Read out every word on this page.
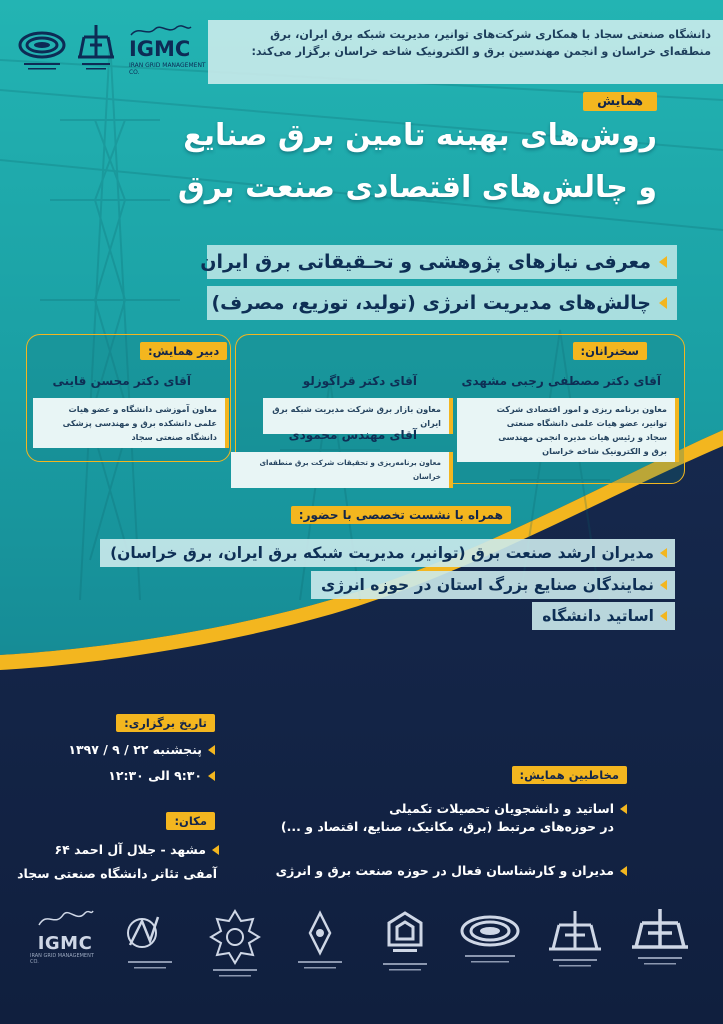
IGMC
IRAN GRID MANAGEMENT CO.

دانشگاه صنعتی سجاد با همکاری شرکت‌های توانیر، مدیریت شبکه برق ایران، برق منطقه‌ای خراسان و انجمن مهندسین برق و الکترونیک شاخه خراسان برگزار می‌کند:

همایش
روش‌های بهینه تامین برق صنایع
و چالش‌های اقتصادی صنعت برق
معرفی نیازهای پژوهشی و تحـقیقاتی برق ایران
چالش‌های مدیریت انرژی (تولید، توزیع، مصرف)
سخنرانان:
آقای دکتر مصطفی رجبی مشهدی
معاون برنامه ریزی و امور اقتصادی شرکت
توانیر، عضو هیات علمی دانشگاه صنعتی
سجاد و رئیس هیات مدیره انجمن مهندسی
برق و الکترونیک شاخه خراسان
آقای دکتر قراگوزلو
معاون بازار برق شرکت مدیریت شبکه برق ایران
آقای مهندس محمودی
معاون برنامه‌ریزی و تحقیقات شرکت برق منطقه‌ای خراسان
دبیر همایش:
آقای دکتر محسن قاینی
معاون آموزشی دانشگاه و عضو هیات
علمی دانشکده برق و مهندسی پزشکی
دانشگاه صنعتی سجاد
همراه با نشست تخصصی با حضور:
مدیران ارشد صنعت برق (توانیر، مدیریت شبکه برق ایران، برق خراسان)
نمایندگان صنایع بزرگ استان در حوزه انرژی
اساتید دانشگاه
تاریخ برگزاری:
پنجشنبه ۲۲ / ۹ / ۱۳۹۷
۹:۳۰ الی ۱۲:۳۰
مکان:
مشهد - جلال آل احمد ۶۴
آمفی تئاتر دانشگاه صنعتی سجاد
مخاطبین همایش:
اساتید و دانشجویان تحصیلات تکمیلی
در حوزه‌های مرتبط (برق، مکانیک، صنایع، اقتصاد و ...)
مدیران و کارشناسان فعال در حوزه صنعت برق و انرژی
IGMC
IRAN GRID MANAGEMENT CO.
